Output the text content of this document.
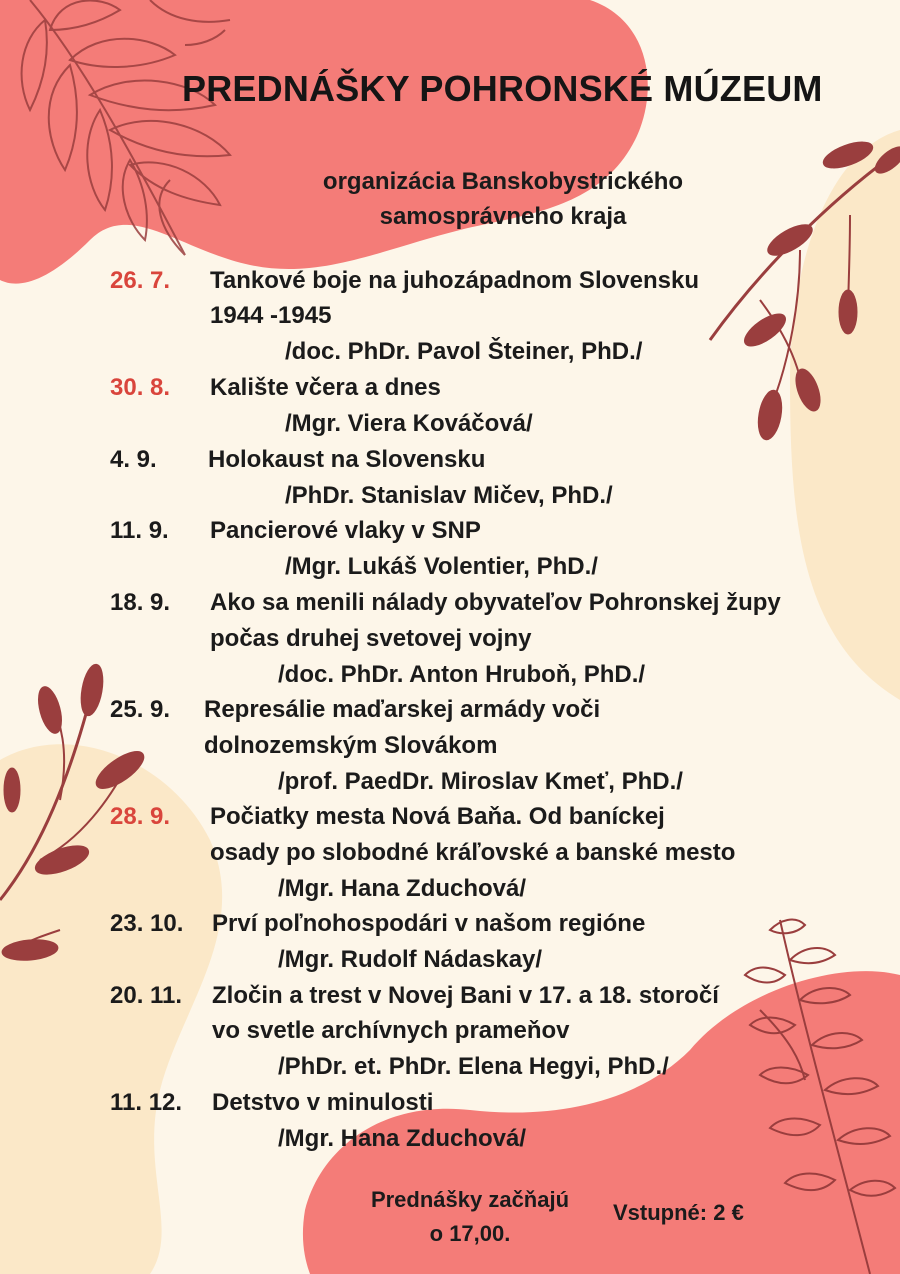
PREDNÁŠKY POHRONSKÉ MÚZEUM
organizácia Banskobystrického
samosprávneho kraja
26. 7. Tankové boje na juhozápadnom Slovensku
1944 -1945
/doc. PhDr. Pavol Šteiner, PhD./
30. 8. Kalište včera a dnes
/Mgr. Viera Kováčová/
4. 9. Holokaust na Slovensku
/PhDr. Stanislav Mičev, PhD./
11. 9. Pancierové vlaky v SNP
/Mgr. Lukáš Volentier, PhD./
18. 9. Ako sa menili nálady obyvateľov Pohronskej župy
počas druhej svetovej vojny
/doc. PhDr. Anton Hruboň, PhD./
25. 9. Represálie maďarskej armády voči
dolnozemským Slovákom
/prof. PaedDr. Miroslav Kmeť, PhD./
28. 9. Počiatky mesta Nová Baňa. Od baníckej
osady po slobodné kráľovské a banské mesto
/Mgr. Hana Zduchová/
23. 10. Prví poľnohospodári v našom regióne
/Mgr. Rudolf Nádaskay/
20. 11. Zločin a trest v Novej Bani v 17. a 18. storočí
vo svetle archívnych prameňov
/PhDr. et. PhDr. Elena Hegyi, PhD./
11. 12. Detstvo v minulosti
/Mgr. Hana Zduchová/
Prednášky začňajú
o 17,00.
Vstupné: 2 €
